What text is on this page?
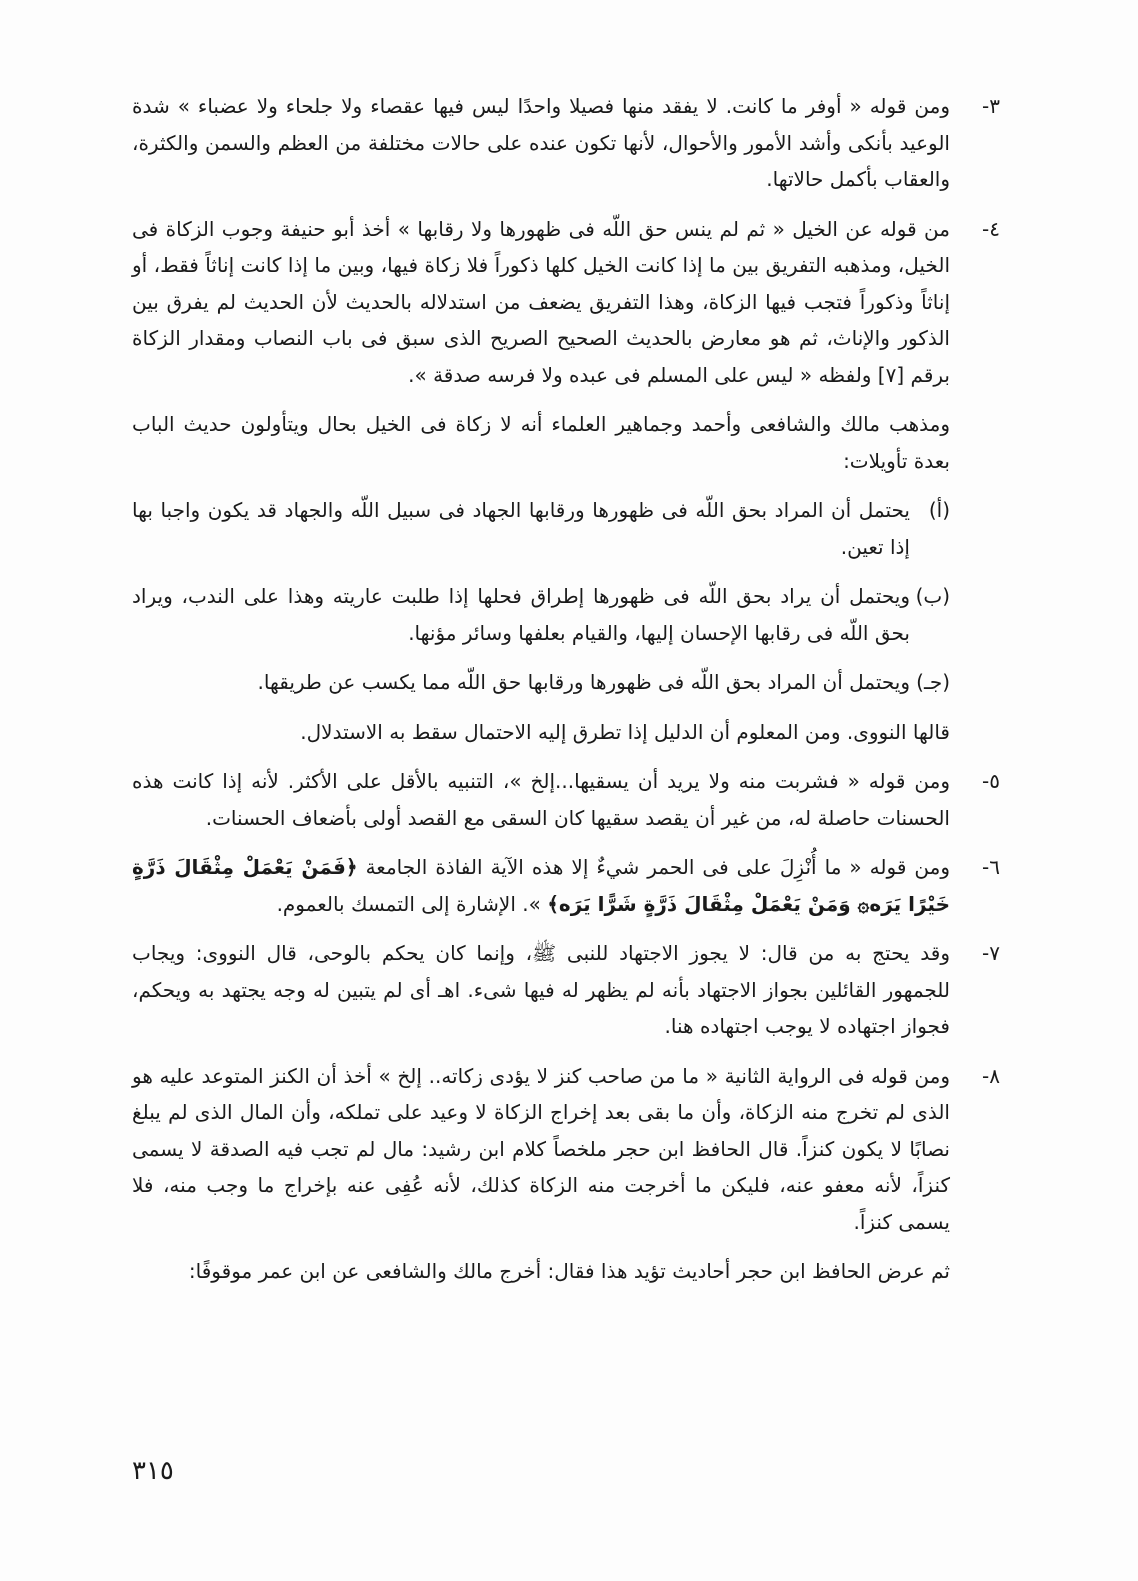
٣-
ومن قوله « أوفر ما كانت. لا يفقد منها فصيلا واحدًا ليس فيها عقصاء ولا جلحاء ولا عضباء » شدة الوعيد بأنكى وأشد الأمور والأحوال، لأنها تكون عنده على حالات مختلفة من العظم والسمن والكثرة، والعقاب بأكمل حالاتها.
٤-
من قوله عن الخيل « ثم لم ينس حق اللّه فى ظهورها ولا رقابها » أخذ أبو حنيفة وجوب الزكاة فى الخيل، ومذهبه التفريق بين ما إذا كانت الخيل كلها ذكوراً فلا زكاة فيها، وبين ما إذا كانت إناثاً فقط، أو إناثاً وذكوراً فتجب فيها الزكاة، وهذا التفريق يضعف من استدلاله بالحديث لأن الحديث لم يفرق بين الذكور والإناث، ثم هو معارض بالحديث الصحيح الصريح الذى سبق فى باب النصاب ومقدار الزكاة برقم [٧] ولفظه « ليس على المسلم فى عبده ولا فرسه صدقة ».
ومذهب مالك والشافعى وأحمد وجماهير العلماء أنه لا زكاة فى الخيل بحال ويتأولون حديث الباب بعدة تأويلات:
(أ)
يحتمل أن المراد بحق اللّه فى ظهورها ورقابها الجهاد فى سبيل اللّه والجهاد قد يكون واجبا بها إذا تعين.
(ب)
ويحتمل أن يراد بحق اللّه فى ظهورها إطراق فحلها إذا طلبت عاريته وهذا على الندب، ويراد بحق اللّه فى رقابها الإحسان إليها، والقيام بعلفها وسائر مؤنها.
(جـ)
ويحتمل أن المراد بحق اللّه فى ظهورها ورقابها حق اللّه مما يكسب عن طريقها.
قالها النووى. ومن المعلوم أن الدليل إذا تطرق إليه الاحتمال سقط به الاستدلال.
٥-
ومن قوله « فشربت منه ولا يريد أن يسقيها...إلخ »، التنبيه بالأقل على الأكثر. لأنه إذا كانت هذه الحسنات حاصلة له، من غير أن يقصد سقيها كان السقى مع القصد أولى بأضعاف الحسنات.
٦-
ومن قوله « ما أُنْزِلَ على فى الحمر شيءٌ إلا هذه الآية الفاذة الجامعة ﴿فَمَنْ يَعْمَلْ مِثْقَالَ ذَرَّةٍ خَيْرًا يَرَه۞ وَمَنْ يَعْمَلْ مِثْقَالَ ذَرَّةٍ شَرًّا يَرَه﴾ ». الإشارة إلى التمسك بالعموم.
٧-
وقد يحتج به من قال: لا يجوز الاجتهاد للنبى ﷺ، وإنما كان يحكم بالوحى، قال النووى: ويجاب للجمهور القائلين بجواز الاجتهاد بأنه لم يظهر له فيها شىء. اهـ أى لم يتبين له وجه يجتهد به ويحكم، فجواز اجتهاده لا يوجب اجتهاده هنا.
٨-
ومن قوله فى الرواية الثانية « ما من صاحب كنز لا يؤدى زكاته.. إلخ » أخذ أن الكنز المتوعد عليه هو الذى لم تخرج منه الزكاة، وأن ما بقى بعد إخراج الزكاة لا وعيد على تملكه، وأن المال الذى لم يبلغ نصابًا لا يكون كنزاً. قال الحافظ ابن حجر ملخصاً كلام ابن رشيد: مال لم تجب فيه الصدقة لا يسمى كنزاً، لأنه معفو عنه، فليكن ما أخرجت منه الزكاة كذلك، لأنه عُفِى عنه بإخراج ما وجب منه، فلا يسمى كنزاً.
ثم عرض الحافظ ابن حجر أحاديث تؤيد هذا فقال: أخرج مالك والشافعى عن ابن عمر موقوفًا:
٣١٥
